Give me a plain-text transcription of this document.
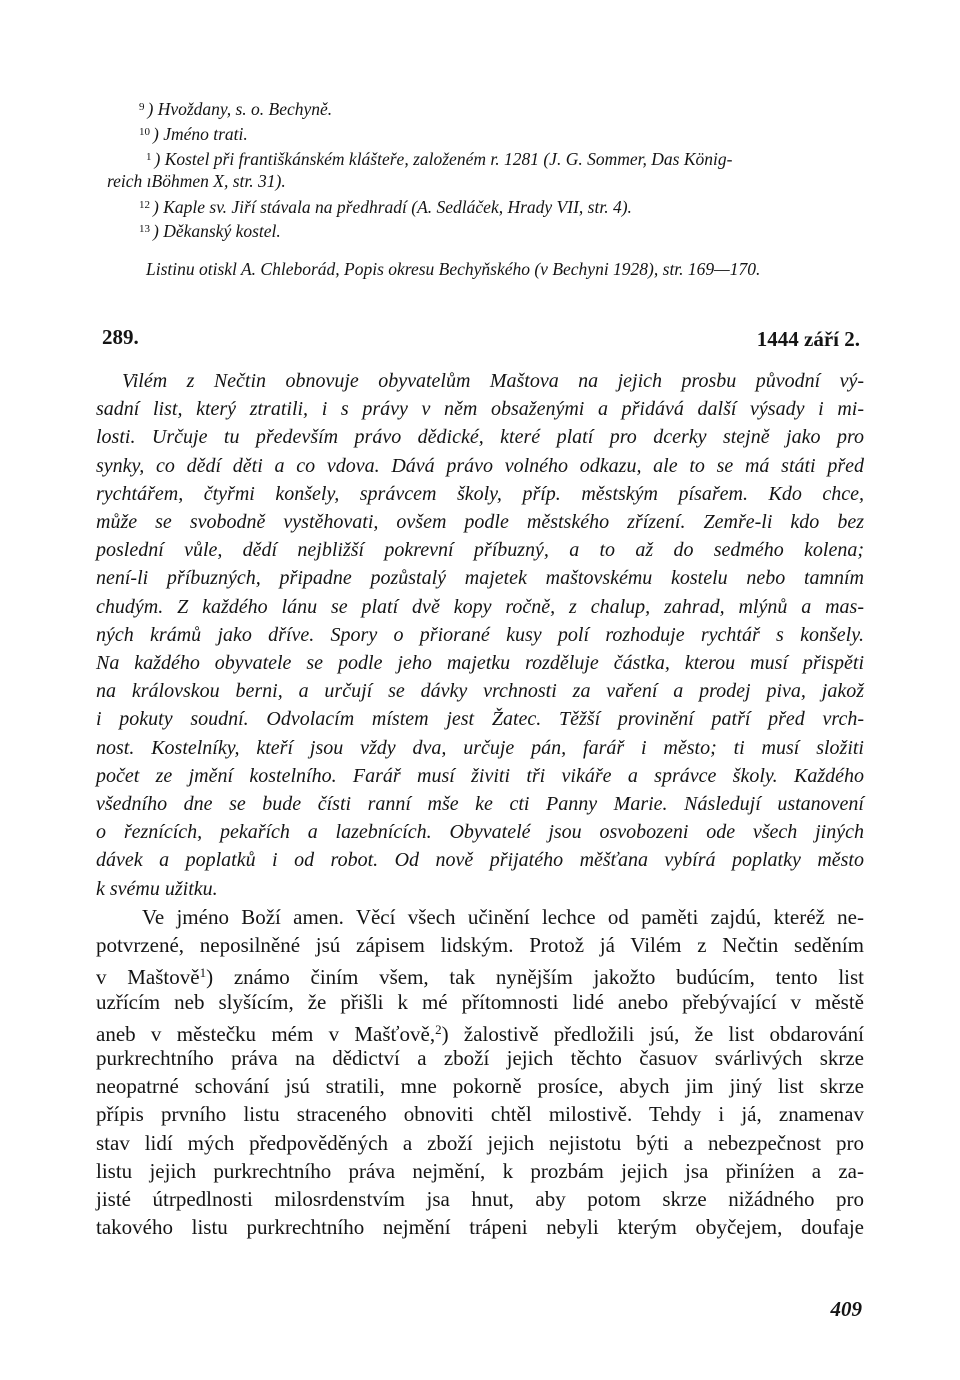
$^9$ ) Hvoždany, s. o. Bechyně.
$^{10}$ ) Jméno trati.
$^1$ ) Kostel při františkánském klášteře, založeném r. 1281 (J. G. Sommer, Das König-
reich ıBöhmen X, str. 31).
$^{12}$ ) Kaple sv. Jiří stávala na předhradí (A. Sedláček, Hrady VII, str. 4).
$^{13}$ ) Děkanský kostel.
Listinu otiskl A. Chleborád, Popis okresu Bechyňského (v Bechyni 1928), str. 169—170.
289.	1444 září 2.
Vilém z Nečtin obnovuje obyvatelům Maštova na jejich prosbu původní vý-
sadní list, který ztratili, i s právy v něm obsaženými a přidává další výsady i mi-
losti. Určuje tu především právo dědické, které platí pro dcerky stejně jako pro
synky, co dědí děti a co vdova. Dává právo volného odkazu, ale to se má státi před
rychtářem, čtyřmi konšely, správcem školy, příp. městským písařem. Kdo chce,
může se svobodně vystěhovati, ovšem podle městského zřízení. Zemře-li kdo bez
poslední vůle, dědí nejbližší pokrevní příbuzný, a to až do sedmého kolena;
není-li příbuzných, připadne pozůstalý majetek maštovskému kostelu nebo tamním
chudým. Z každého lánu se platí dvě kopy ročně, z chalup, zahrad, mlýnů a mas-
ných krámů jako dříve. Spory o přiorané kusy polí rozhoduje rychtář s konšely.
Na každého obyvatele se podle jeho majetku rozděluje částka, kterou musí přispěti
na královskou berni, a určují se dávky vrchnosti za vaření a prodej piva, jakož
i pokuty soudní. Odvolacím místem jest Žatec. Těžší provinění patří před vrch-
nost. Kostelníky, kteří jsou vždy dva, určuje pán, farář i město; ti musí složiti
počet ze jmění kostelního. Farář musí živiti tři vikáře a správce školy. Každého
všedního dne se bude čísti ranní mše ke cti Panny Marie. Následují ustanovení
o řeznících, pekařích a lazebnících. Obyvatelé jsou osvobozeni ode všech jiných
dávek a poplatků i od robot. Od nově přijatého měšťana vybírá poplatky město
k svému užitku.
Ve jméno Boží amen. Věcí všech učinění lechce od paměti zajdú, kteréž ne-
potvrzené, neposilněné jsú zápisem lidským. Protož já Vilém z Nečtin seděním
v Maštově$^1$) známo činím všem, tak nynějším jakožto budúcím, tento list
uzřícím neb slyšícím, že přišli k mé přítomnosti lidé anebo přebývající v městě
aneb v městečku mém v Mašťově,$^2$) žalostivě předložili jsú, že list obdarování
purkrechtního práva na dědictví a zboží jejich těchto časuov svárlivých skrze
neopatrné schování jsú stratili, mne pokorně prosíce, abych jim jiný list skrze
přípis prvního listu straceného obnoviti chtěl milostivě. Tehdy i já, znamenav
stav lidí mých předpověděných a zboží jejich nejistotu býti a nebezpečnost pro
listu jejich purkrechtního práva nejmění, k prozbám jejich jsa přiníżen a za-
jisté útrpedlnosti milosrdenstvím jsa hnut, aby potom skrze nižádného pro
takového listu purkrechtního nejmění trápeni nebyli kterým obyčejem, doufaje
409
